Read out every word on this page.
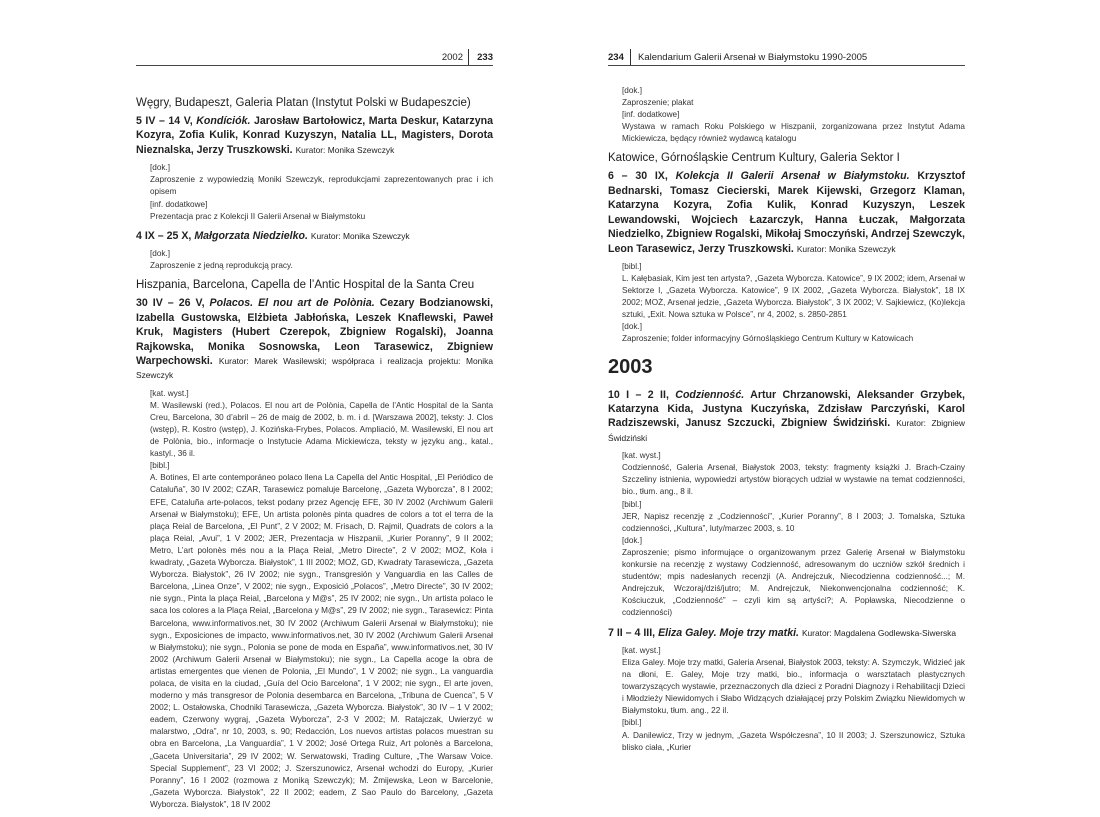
2002 233
Węgry, Budapeszt, Galeria Platan (Instytut Polski w Budapeszcie)
5 IV – 14 V, Kondíciók. Jarosław Bartołowicz, Marta Deskur, Katarzyna Kozyra, Zofia Kulik, Konrad Kuzyszyn, Natalia LL, Magisters, Dorota Nieznalska, Jerzy Truszkowski. Kurator: Monika Szewczyk

[dok.]

Zaproszenie z wypowiedzią Moniki Szewczyk, reprodukcjami zaprezentowanych prac i ich opisem

[inf. dodatkowe]

Prezentacja prac z Kolekcji II Galerii Arsenał w Białymstoku

4 IX – 25 X, Małgorzata Niedzielko. Kurator: Monika Szewczyk

[dok.]

Zaproszenie z jedną reprodukcją pracy.

Hiszpania, Barcelona, Capella de l’Antic Hospital de la Santa Creu
30 IV – 26 V, Polacos. El nou art de Polònia. Cezary Bodzianowski, Izabella Gustowska, Elżbieta Jabłońska, Leszek Knaflewski, Paweł Kruk, Magisters (Hubert Czerepok, Zbigniew Rogalski), Joanna Rajkowska, Monika Sosnowska, Leon Tarasewicz, Zbigniew Warpechowski. Kurator: Marek Wasilewski; współpraca i realizacja projektu: Monika Szewczyk

[kat. wyst.]

M. Wasilewski (red.), Polacos. El nou art de Polònia, Capella de l’Antic Hospital de la Santa Creu, Barcelona, 30 d’abril – 26 de maig de 2002, b. m. i d. [Warszawa 2002], teksty: J. Clos (wstęp), R. Kostro (wstęp), J. Kozińska-Frybes, Polacos. Ampliació, M. Wasilewski, El nou art de Polònia, bio., informacje o Instytucie Adama Mickiewicza, teksty w języku ang., katal., kastyl., 36 il.

[bibl.]

A. Botines, El arte contemporáneo polaco llena La Capella del Antic Hospital, „El Periódico de Cataluña”, 30 IV 2002; CZAR, Tarasewicz pomaluje Barcelonę, „Gazeta Wyborcza”, 8 I 2002; EFE, Cataluña arte-polacos, tekst podany przez Agencję EFE, 30 IV 2002 (Archiwum Galerii Arsenał w Białymstoku); EFE, Un artista polonès pinta quadres de colors a tot el terra de la plaça Reial de Barcelona, „El Punt”, 2 V 2002; M. Frisach, D. Rajmil, Quadrats de colors a la plaça Reial, „Avui”, 1 V 2002; JER, Prezentacja w Hiszpanii, „Kurier Poranny”, 9 II 2002; Metro, L’art polonès més nou a la Plaça Reial, „Metro Directe”, 2 V 2002; MOŻ, Koła i kwadraty, „Gazeta Wyborcza. Białystok”, 1 III 2002; MOŻ, GD, Kwadraty Tarasewicza, „Gazeta Wyborcza. Białystok”, 26 IV 2002; nie sygn., Transgresión y Vanguardia en las Calles de Barcelona, „Linea Onze”, V 2002; nie sygn., Exposició „Polacos”, „Metro Directe”, 30 IV 2002; nie sygn., Pinta la plaça Reial, „Barcelona y M@s”, 25 IV 2002; nie sygn., Un artista polaco le saca los colores a la Plaça Reial, „Barcelona y M@s”, 29 IV 2002; nie sygn., Tarasewicz: Pinta Barcelona, www.informativos.net, 30 IV 2002 (Archiwum Galerii Arsenał w Białymstoku); nie sygn., Exposiciones de impacto, www.informativos.net, 30 IV 2002 (Archiwum Galerii Arsenał w Białymstoku); nie sygn., Polonia se pone de moda en España”, www.informativos.net, 30 IV 2002 (Archiwum Galerii Arsenał w Białymstoku); nie sygn., La Capella acoge la obra de artistas emergentes que vienen de Polonia, „El Mundo”, 1 V 2002; nie sygn., La vanguardia polaca, de visita en la ciudad, „Guía del Ocio Barcelona”, 1 V 2002; nie sygn., El arte joven, moderno y más transgresor de Polonia desembarca en Barcelona, „Tribuna de Cuenca”, 5 V 2002; L. Ostałowska, Chodniki Tarasewicza, „Gazeta Wyborcza. Białystok”, 30 IV – 1 V 2002; eadem, Czerwony wygraj, „Gazeta Wyborcza”, 2-3 V 2002; M. Ratajczak, Uwierzyć w malarstwo, „Odra”, nr 10, 2003, s. 90; Redacción, Los nuevos artistas polacos muestran su obra en Barcelona, „La Vanguardia”, 1 V 2002; José Ortega Ruiz, Art polonès a Barcelona, „Gaceta Universitaria”, 29 IV 2002; W. Serwatowski, Trading Culture, „The Warsaw Voice. Special Supplement”, 23 VI 2002; J. Szerszunowicz, Arsenał wchodzi do Europy, „Kurier Poranny”, 16 I 2002 (rozmowa z Moniką Szewczyk); M. Żmijewska, Leon w Barcelonie, „Gazeta Wyborcza. Białystok”, 22 II 2002; eadem, Z Sao Paulo do Barcelony, „Gazeta Wyborcza. Białystok”, 18 IV 2002

234 Kalendarium Galerii Arsenał w Białymstoku 1990-2005

[dok.]

Zaproszenie; plakat

[inf. dodatkowe]

Wystawa w ramach Roku Polskiego w Hiszpanii, zorganizowana przez Instytut Adama Mickiewicza, będący również wydawcą katalogu

Katowice, Górnośląskie Centrum Kultury, Galeria Sektor I
6 – 30 IX, Kolekcja II Galerii Arsenał w Białymstoku. Krzysztof Bednarski, Tomasz Ciecierski, Marek Kijewski, Grzegorz Klaman, Katarzyna Kozyra, Zofia Kulik, Konrad Kuzyszyn, Leszek Lewandowski, Wojciech Łazarczyk, Hanna Łuczak, Małgorzata Niedzielko, Zbigniew Rogalski, Mikołaj Smoczyński, Andrzej Szewczyk, Leon Tarasewicz, Jerzy Truszkowski. Kurator: Monika Szewczyk

[bibl.]

L. Kałębasiak, Kim jest ten artysta?, „Gazeta Wyborcza. Katowice”, 9 IX 2002; idem, Arsenał w Sektorze I, „Gazeta Wyborcza. Katowice”, 9 IX 2002, „Gazeta Wyborcza. Białystok”, 18 IX 2002; MOŻ, Arsenał jedzie, „Gazeta Wyborcza. Białystok”, 3 IX 2002; V. Sajkiewicz, (Ko)lekcja sztuki, „Exit. Nowa sztuka w Polsce”, nr 4, 2002, s. 2850-2851

[dok.]

Zaproszenie; folder informacyjny Górnośląskiego Centrum Kultury w Katowicach

2003
10 I – 2 II, Codzienność. Artur Chrzanowski, Aleksander Grzybek, Katarzyna Kida, Justyna Kuczyńska, Zdzisław Parczyński, Karol Radziszewski, Janusz Szczucki, Zbigniew Świdziński. Kurator: Zbigniew Świdziński

[kat. wyst.]

Codzienność, Galeria Arsenał, Białystok 2003, teksty: fragmenty książki J. Brach-Czainy Szczeliny istnienia, wypowiedzi artystów biorących udział w wystawie na temat codzienności, bio., tłum. ang., 8 il.

[bibl.]

JER, Napisz recenzję z „Codzienności”, „Kurier Poranny”, 8 I 2003; J. Tomalska, Sztuka codzienności, „Kultura”, luty/marzec 2003, s. 10

[dok.]

Zaproszenie; pismo informujące o organizowanym przez Galerię Arsenał w Białymstoku konkursie na recenzję z wystawy Codzienność, adresowanym do uczniów szkół średnich i studentów; mpis nadesłanych recenzji (A. Andrejczuk, Niecodzienna codzienność...; M. Andrejczuk, Wczoraj/dziś/jutro; M. Andrejczuk, Niekonwencjonalna codzienność; K. Kościuczuk, „Codzienność” – czyli kim są artyści?; A. Popławska, Niecodzienne o codzienności)

7 II – 4 III, Eliza Galey. Moje trzy matki. Kurator: Magdalena Godlewska-Siwerska

[kat. wyst.]

Eliza Galey. Moje trzy matki, Galeria Arsenał, Białystok 2003, teksty: A. Szymczyk, Widzieć jak na dłoni, E. Galey, Moje trzy matki, bio., informacja o warsztatach plastycznych towarzyszących wystawie, przeznaczonych dla dzieci z Poradni Diagnozy i Rehabilitacji Dzieci i Młodzieży Niewidomych i Słabo Widzących działającej przy Polskim Związku Niewidomych w Białymstoku, tłum. ang., 22 il.

[bibl.]

A. Danilewicz, Trzy w jednym, „Gazeta Współczesna”, 10 II 2003; J. Szerszunowicz, Sztuka blisko ciała, „Kurier
